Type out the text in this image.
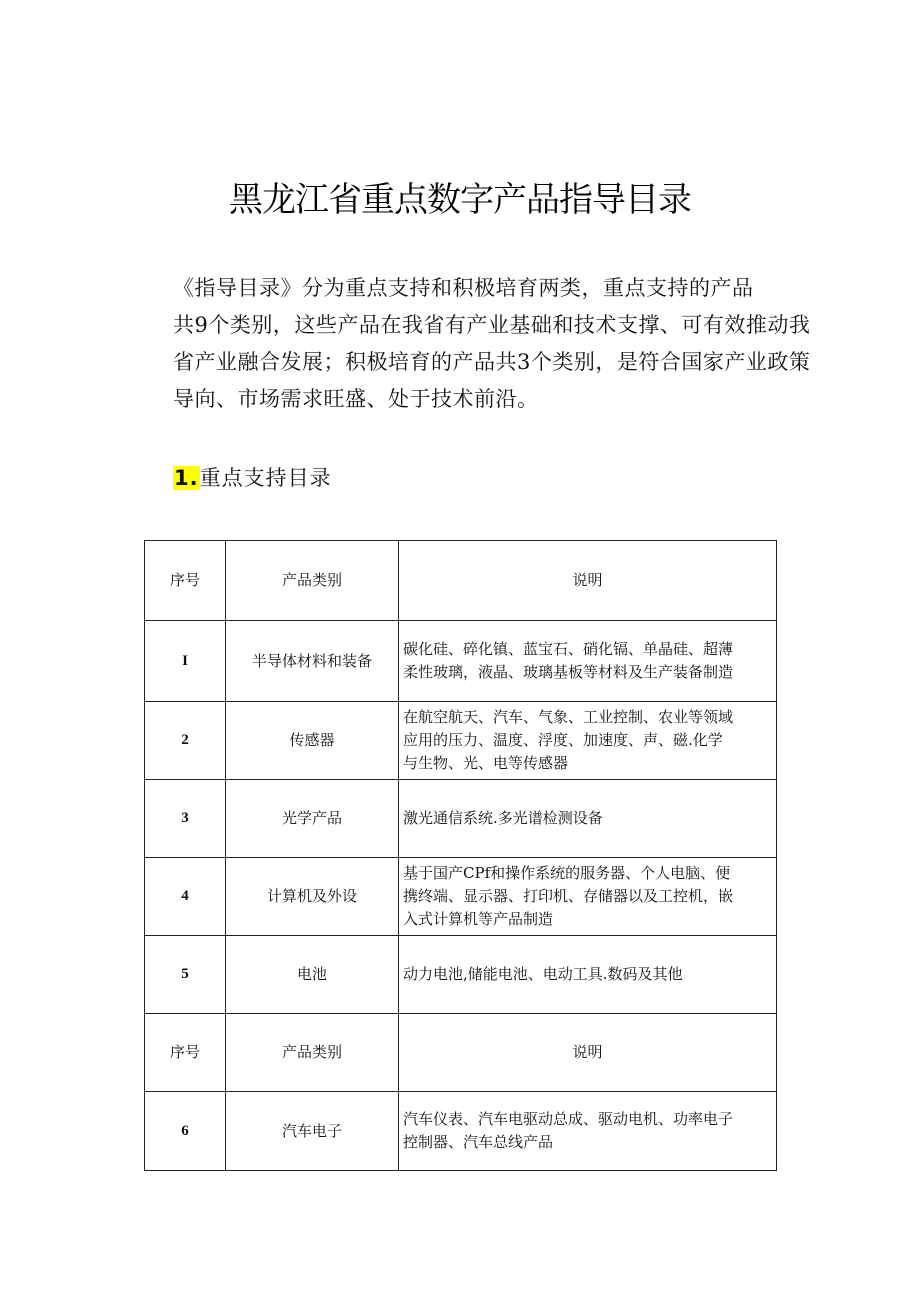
黑龙江省重点数字产品指导目录
《指导目录》分为重点支持和积极培育两类，重点支持的产品
共9个类别，这些产品在我省有产业基础和技术支撑、可有效推动我
省产业融合发展；积极培育的产品共3个类别，是符合国家产业政策
导向、市场需求旺盛、处于技术前沿。
1.重点支持目录
序号	产品类别	说明
I	半导体材料和装备	碳化硅、碎化镇、蓝宝石、硝化镉、单晶硅、超薄
柔性玻璃，液晶、玻璃基板等材料及生产装备制造

2	传感器	在航空航天、汽车、气象、工业控制、农业等领域
应用的压力、温度、浮度、加速度、声、磁.化学
与生物、光、电等传感器

3	光学产品	激光通信系统.多光谱检测设备

4	计算机及外设	基于国产CPf和操作系统的服务器、个人电脑、便
携终端、显示器、打印机、存储器以及工控机，嵌
入式计算机等产品制造

5	电池	动力电池,储能电池、电动工具.数码及其他

序号	产品类别	说明
6	汽车电子	汽车仪表、汽车电驱动总成、驱动电机、功率电子
控制器、汽车总线产品
